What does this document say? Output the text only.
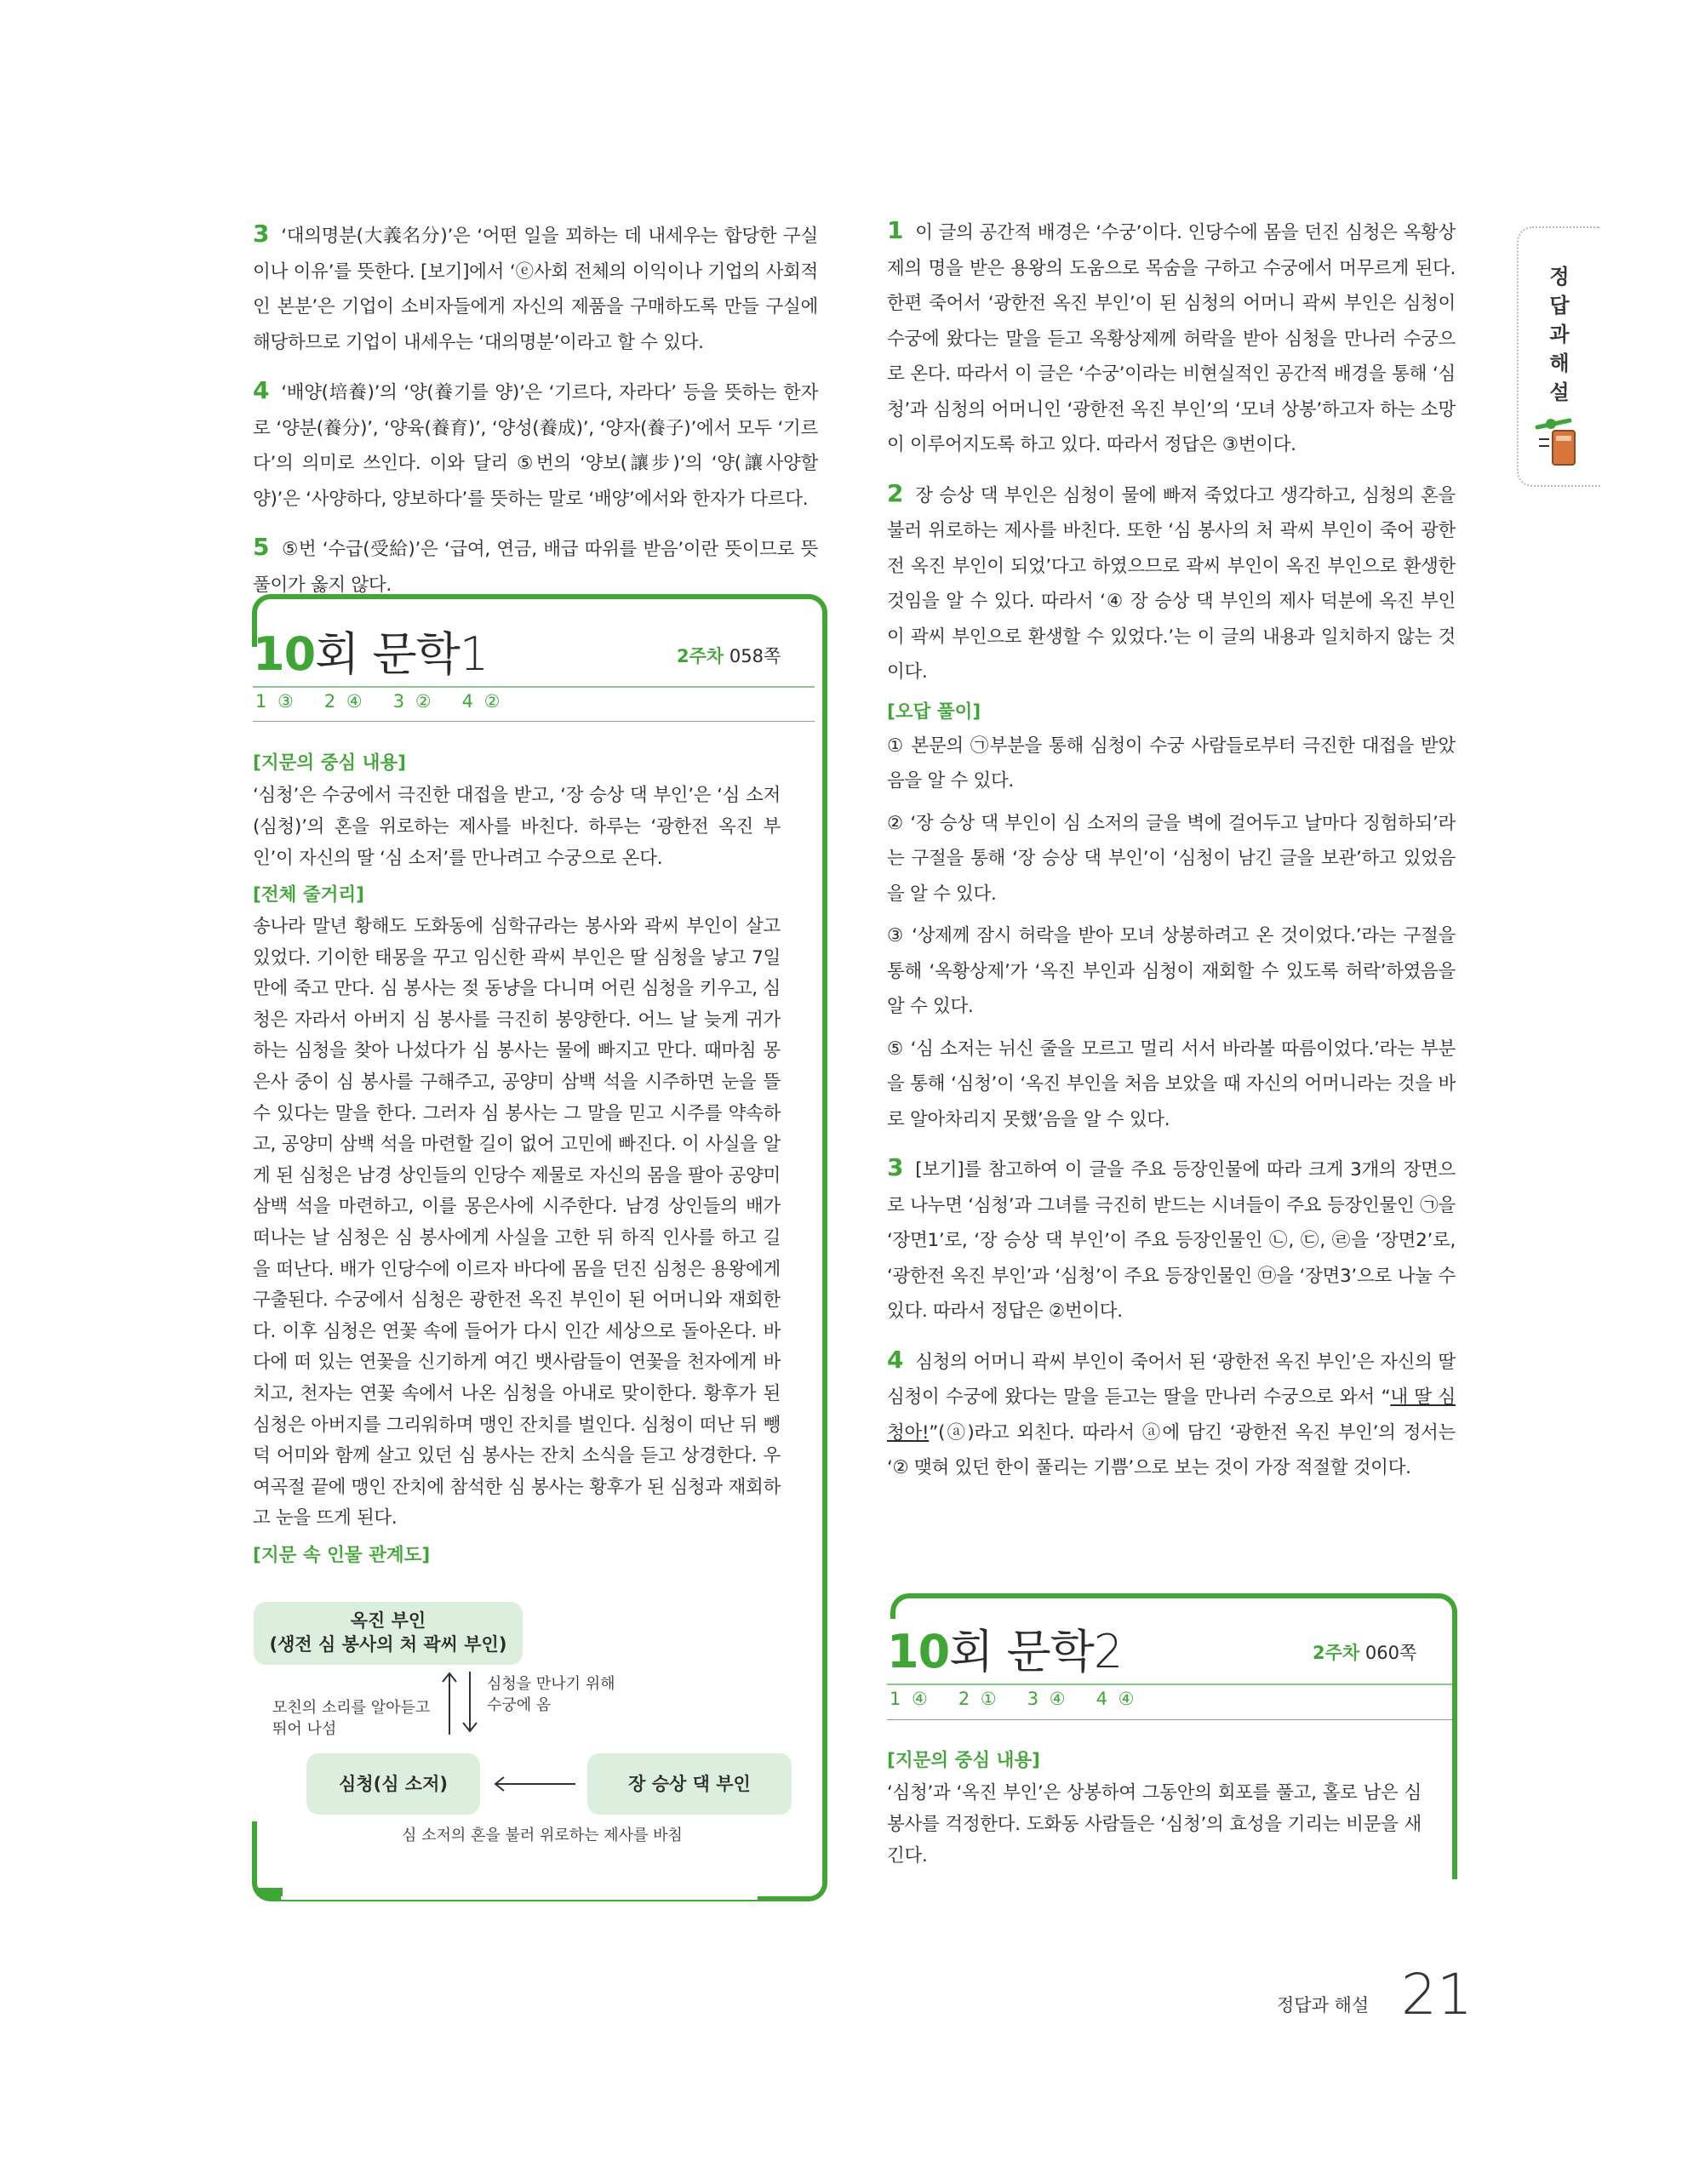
3 ‘대의명분(大義名分)’은 ‘어떤 일을 꾀하는 데 내세우는 합당한 구실이나 이유’를 뜻한다. [보기]에서 ‘ⓔ사회 전체의 이익이나 기업의 사회적인 본분’은 기업이 소비자들에게 자신의 제품을 구매하도록 만들 구실에 해당하므로 기업이 내세우는 ‘대의명분’이라고 할 수 있다.

4 ‘배양(培養)’의 ‘양(養기를 양)’은 ‘기르다, 자라다’ 등을 뜻하는 한자로 ‘양분(養分)’, ‘양육(養育)’, ‘양성(養成)’, ‘양자(養子)’에서 모두 ‘기르다’의 의미로 쓰인다. 이와 달리 ⑤번의 ‘양보(讓步)’의 ‘양(讓사양할 양)’은 ‘사양하다, 양보하다’를 뜻하는 말로 ‘배양’에서와 한자가 다르다.

5 ⑤번 ‘수급(受給)’은 ‘급여, 연금, 배급 따위를 받음’이란 뜻이므로 뜻풀이가 옳지 않다.

10회 문학1	2주차 058쪽
1 ③ 2 ④ 3 ② 4 ②
[지문의 중심 내용]

‘심청’은 수궁에서 극진한 대접을 받고, ‘장 승상 댁 부인’은 ‘심 소저(심청)’의 혼을 위로하는 제사를 바친다. 하루는 ‘광한전 옥진 부인’이 자신의 딸 ‘심 소저’를 만나려고 수궁으로 온다.

[전체 줄거리]

송나라 말년 황해도 도화동에 심학규라는 봉사와 곽씨 부인이 살고 있었다. 기이한 태몽을 꾸고 임신한 곽씨 부인은 딸 심청을 낳고 7일 만에 죽고 만다. 심 봉사는 젖 동냥을 다니며 어린 심청을 키우고, 심청은 자라서 아버지 심 봉사를 극진히 봉양한다. 어느 날 늦게 귀가하는 심청을 찾아 나섰다가 심 봉사는 물에 빠지고 만다. 때마침 몽은사 중이 심 봉사를 구해주고, 공양미 삼백 석을 시주하면 눈을 뜰 수 있다는 말을 한다. 그러자 심 봉사는 그 말을 믿고 시주를 약속하고, 공양미 삼백 석을 마련할 길이 없어 고민에 빠진다. 이 사실을 알게 된 심청은 남경 상인들의 인당수 제물로 자신의 몸을 팔아 공양미 삼백 석을 마련하고, 이를 몽은사에 시주한다. 남경 상인들의 배가 떠나는 날 심청은 심 봉사에게 사실을 고한 뒤 하직 인사를 하고 길을 떠난다. 배가 인당수에 이르자 바다에 몸을 던진 심청은 용왕에게 구출된다. 수궁에서 심청은 광한전 옥진 부인이 된 어머니와 재회한다. 이후 심청은 연꽃 속에 들어가 다시 인간 세상으로 돌아온다. 바다에 떠 있는 연꽃을 신기하게 여긴 뱃사람들이 연꽃을 천자에게 바치고, 천자는 연꽃 속에서 나온 심청을 아내로 맞이한다. 황후가 된 심청은 아버지를 그리워하며 맹인 잔치를 벌인다. 심청이 떠난 뒤 뺑덕 어미와 함께 살고 있던 심 봉사는 잔치 소식을 듣고 상경한다. 우여곡절 끝에 맹인 잔치에 참석한 심 봉사는 황후가 된 심청과 재회하고 눈을 뜨게 된다.

[지문 속 인물 관계도]
옥진 부인
(생전 심 봉사의 처 곽씨 부인)
모친의 소리를 알아듣고
뛰어 나섬
심청을 만나기 위해
수궁에 옴
심청(심 소저)	장 승상 댁 부인
심 소저의 혼을 불러 위로하는 제사를 바침

1 이 글의 공간적 배경은 ‘수궁’이다. 인당수에 몸을 던진 심청은 옥황상제의 명을 받은 용왕의 도움으로 목숨을 구하고 수궁에서 머무르게 된다. 한편 죽어서 ‘광한전 옥진 부인’이 된 심청의 어머니 곽씨 부인은 심청이 수궁에 왔다는 말을 듣고 옥황상제께 허락을 받아 심청을 만나러 수궁으로 온다. 따라서 이 글은 ‘수궁’이라는 비현실적인 공간적 배경을 통해 ‘심청’과 심청의 어머니인 ‘광한전 옥진 부인’의 ‘모녀 상봉’하고자 하는 소망이 이루어지도록 하고 있다. 따라서 정답은 ③번이다.

2 장 승상 댁 부인은 심청이 물에 빠져 죽었다고 생각하고, 심청의 혼을 불러 위로하는 제사를 바친다. 또한 ‘심 봉사의 처 곽씨 부인이 죽어 광한전 옥진 부인이 되었’다고 하였으므로 곽씨 부인이 옥진 부인으로 환생한 것임을 알 수 있다. 따라서 ‘④ 장 승상 댁 부인의 제사 덕분에 옥진 부인이 곽씨 부인으로 환생할 수 있었다.’는 이 글의 내용과 일치하지 않는 것이다.

[오답 풀이]

① 본문의 ㉠부분을 통해 심청이 수궁 사람들로부터 극진한 대접을 받았음을 알 수 있다.

② ‘장 승상 댁 부인이 심 소저의 글을 벽에 걸어두고 날마다 징험하되’라는 구절을 통해 ‘장 승상 댁 부인’이 ‘심청이 남긴 글을 보관’하고 있었음을 알 수 있다.

③ ‘상제께 잠시 허락을 받아 모녀 상봉하려고 온 것이었다.’라는 구절을 통해 ‘옥황상제’가 ‘옥진 부인과 심청이 재회할 수 있도록 허락’하였음을 알 수 있다.

⑤ ‘심 소저는 뉘신 줄을 모르고 멀리 서서 바라볼 따름이었다.’라는 부분을 통해 ‘심청’이 ‘옥진 부인을 처음 보았을 때 자신의 어머니라는 것을 바로 알아차리지 못했’음을 알 수 있다.

3 [보기]를 참고하여 이 글을 주요 등장인물에 따라 크게 3개의 장면으로 나누면 ‘심청’과 그녀를 극진히 받드는 시녀들이 주요 등장인물인 ㉠을 ‘장면1’로, ‘장 승상 댁 부인’이 주요 등장인물인 ㉡, ㉢, ㉣을 ‘장면2’로, ‘광한전 옥진 부인’과 ‘심청’이 주요 등장인물인 ㉤을 ‘장면3’으로 나눌 수 있다. 따라서 정답은 ②번이다.

4 심청의 어머니 곽씨 부인이 죽어서 된 ‘광한전 옥진 부인’은 자신의 딸 심청이 수궁에 왔다는 말을 듣고는 딸을 만나러 수궁으로 와서 “내 딸 심청아!”(ⓐ)라고 외친다. 따라서 ⓐ에 담긴 ‘광한전 옥진 부인’의 정서는 ‘② 맺혀 있던 한이 풀리는 기쁨’으로 보는 것이 가장 적절할 것이다.

10회 문학2	2주차 060쪽
1 ④ 2 ① 3 ④ 4 ④
[지문의 중심 내용]

‘심청’과 ‘옥진 부인’은 상봉하여 그동안의 회포를 풀고, 홀로 남은 심 봉사를 걱정한다. 도화동 사람들은 ‘심청’의 효성을 기리는 비문을 새긴다.

정
답
과
해
설
정답과 해설 21
